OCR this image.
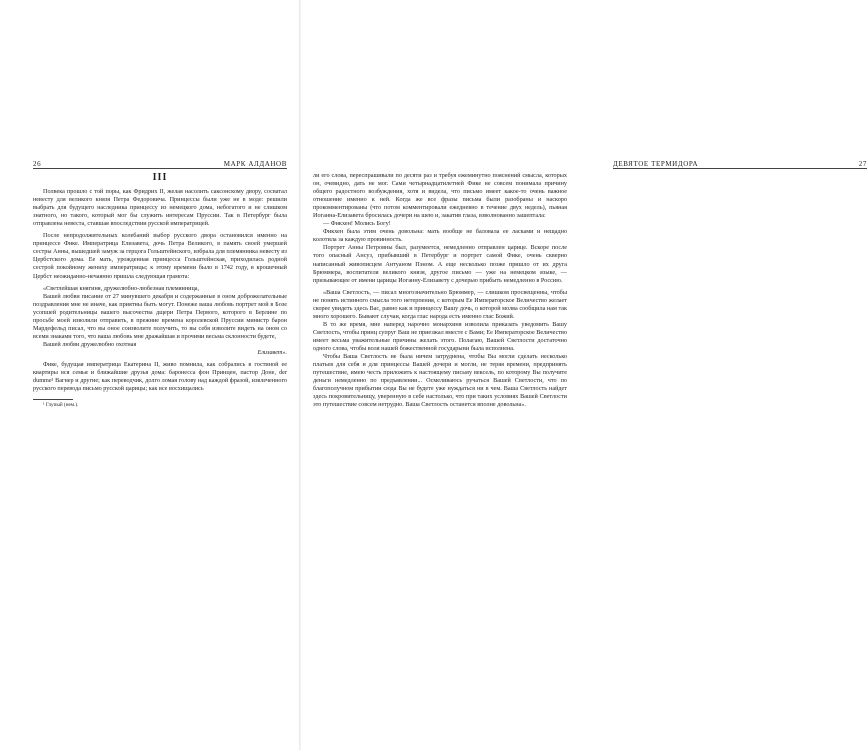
26	МАРК АЛДАНОВ
III

Полвека прошло с той поры, как Фридрих II, желая насолить саксонскому двору, сосватал невесту для великого князя Петра Федоровича. Принцессы были уже не в моде: решили выбрать для будущего наследника принцессу из немецкого дома, небогатого и не слишком знатного, но такого, который мог бы служить интересам Пруссии. Так в Петербург была отправлена невеста, ставшая впоследствии русской императрицей.

После непродолжительных колебаний выбор русского двора остановился именно на принцессе Фике. Императрица Елизавета, дочь Петра Великого, в память своей умершей сестры Анны, вышедшей замуж за герцога Гольштейнского, избрала для племянника невесту из Цербстского дома. Ее мать, урожденная принцесса Гольштейнская, приходилась родной сестрой покойному жениху императрицы; к этому времени было в 1742 году, в крошечный Цербст неожиданно-нечаянно пришла следующая грамота:

«Светлейшая княгиня, дружелюбно-любезная племянница,

Вашей любви писание от 27 минувшего декабря и содержанные в оном доброжелательные поздравления мне не иначе, как приятны быть могут. Понеже ваша любовь портрет мой в Бозе усопшей родительницы вашего высочества дщери Петра Первого, которого в Берлине по просьбе моей изволили отправить, в прежние времена королевской Пруссии министр барон Мардефельд писал, что вы оное соизволите получить, то вы себя изволите видеть на оном со всеми знаками того, что ваша любовь мне дражайшая и прочими весьма склонности будете,

Вашей любви дружелюбно охотная

Елизавет».

Фике, будущая императрица Екатерина II, живо помнила, как собрались в гостиной ее квартиры вся семья и ближайшие друзья дома: баронесса фон Принцен, пастор Доне, der dumme¹ Вагнер и другие; как переводчик, долго ломая голову над каждой фразой, извлеченного русского перевода письмо русской царицы; как все восхищались

¹ Глупый (нем.).

ДЕВЯТОЕ ТЕРМИДОРА	27

ли его слова, переспрашивали по десяти раз и требуя ежеминутно пояснений смысла, которых он, очевидно, дать не мог. Сами четырнадцатилетней Фике не совсем понимала причину общего радостного возбуждения, хотя и видела, что письмо имеет какое-то очень важное отношение именно к ней. Когда же все фразы письма были разобраны и наскоро прокомментированы (что потом комментировали ежедневно в течение двух недель), пьяная Иоганна-Елизавета бросилась дочери на шею и, закатив глаза, взволнованно зашептала:

— Фикхен! Молись Богу!

Фикхен была этим очень довольна: мать вообще не баловала ее ласками и нещадно колотила за каждую провинность.

Портрет Анны Петровны был, разумеется, немедленно отправлен царице. Вскоре после того опасный Ансуз, прибывший в Петербург и портрет самой Фике, очень скверно написанный живописцем Антуаном Пэном. А еще несколько позже пришло от их друга Брюммера, воспитателя великого князя, другое письмо — уже на немецком языке, — призывающее от имени царицы Иоганну-Елизавету с дочерью прибыть немедленно в Россию.

«Ваша Светлость, — писал многозначительно Брюммер, — слишком просвещенны, чтобы не понять истинного смысла того нетерпения, с которым Ее Императорское Величество желает скорее увидеть здесь Вас, равно как и принцессу Вашу дочь, о которой молва сообщила нам так много хорошего. Бывают случаи, когда глас народа есть именно глас Божий.

В то же время, мне наперед нарочно монархиня изволила приказать уведомить Вашу Светлость, чтобы принц супруг Ваш не приезжал вместе с Вами; Ее Императорское Величество имеет весьма уважительные причины желать этого. Полагаю, Вашей Светлости достаточно одного слова, чтобы воля нашей божественной государыни была исполнена.

Чтобы Ваша Светлость не была ничем затруднена, чтобы Вы могли сделать несколько платьев для себя и для принцессы Вашей дочери и могли, не теряя времени, предпринять путешествие, имею честь приложить к настоящему письму вексель, по которому Вы получите деньги немедленно по предъявлении... Осмеливаюсь ручаться Вашей Светлости, что по благополучном прибытии сюда Вы не будете уже нуждаться ни в чем. Ваша Светлость найдет здесь покровительницу, уверенную в себе настолько, что при таких условиях Вашей Светлости это путешествие совсем нетрудно. Ваша Светлость останется вполне довольна».
